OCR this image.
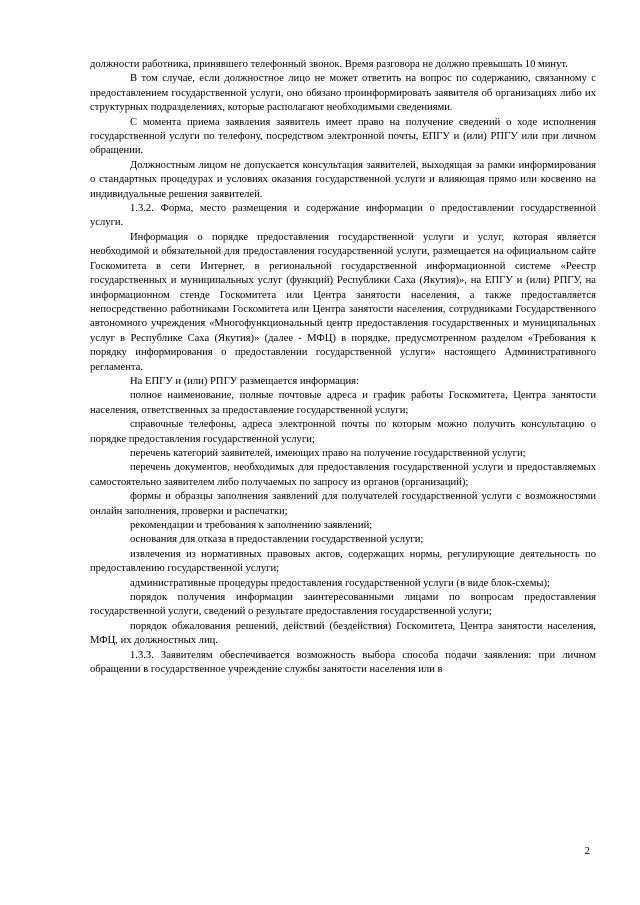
должности работника, принявшего телефонный звонок. Время разговора не должно превышать 10 минут.

В том случае, если должностное лицо не может ответить на вопрос по содержанию, связанному с предоставлением государственной услуги, оно обязано проинформировать заявителя об организациях либо их структурных подразделениях, которые располагают необходимыми сведениями.

С момента приема заявления заявитель имеет право на получение сведений о ходе исполнения государственной услуги по телефону, посредством электронной почты, ЕПГУ и (или) РПГУ или при личном обращении.

Должностным лицом не допускается консультация заявителей, выходящая за рамки информирования о стандартных процедурах и условиях оказания государственной услуги и влияющая прямо или косвенно на индивидуальные решения заявителей.

1.3.2. Форма, место размещения и содержание информации о предоставлении государственной услуги.

Информация о порядке предоставления государственной услуги и услуг, которая является необходимой и обязательной для предоставления государственной услуги, размещается на официальном сайте Госкомитета в сети Интернет, в региональной государственной информационной системе «Реестр государственных и муниципальных услуг (функций) Республики Саха (Якутия)», на ЕПГУ и (или) РПГУ, на информационном стенде Госкомитета или Центра занятости населения, а также предоставляется непосредственно работниками Госкомитета или Центра занятости населения, сотрудниками Государственного автономного учреждения «Многофункциональный центр предоставления государственных и муниципальных услуг в Республике Саха (Якутия)» (далее - МФЦ) в порядке, предусмотренном разделом «Требования к порядку информирования о предоставлении государственной услуги» настоящего Административного регламента.

На ЕПГУ и (или) РПГУ размещается информация:

полное наименование, полные почтовые адреса и график работы Госкомитета, Центра занятости населения, ответственных за предоставление государственной услуги;

справочные телефоны, адреса электронной почты по которым можно получить консультацию о порядке предоставления государственной услуги;

перечень категорий заявителей, имеющих право на получение государственной услуги;

перечень документов, необходимых для предоставления государственной услуги и предоставляемых самостоятельно заявителем либо получаемых по запросу из органов (организаций);

формы и образцы заполнения заявлений для получателей государственной услуги с возможностями онлайн заполнения, проверки и распечатки;

рекомендации и требования к заполнению заявлений;

основания для отказа в предоставлении государственной услуги;

извлечения из нормативных правовых актов, содержащих нормы, регулирующие деятельность по предоставлению государственной услуги;

административные процедуры предоставления государственной услуги (в виде блок-схемы);

порядок получения информации заинтересованными лицами по вопросам предоставления государственной услуги, сведений о результате предоставления государственной услуги;

порядок обжалования решений, действий (бездействия) Госкомитета, Центра занятости населения, МФЦ, их должностных лиц.

1.3.3. Заявителям обеспечивается возможность выбора способа подачи заявления: при личном обращении в государственное учреждение службы занятости населения или в

2
